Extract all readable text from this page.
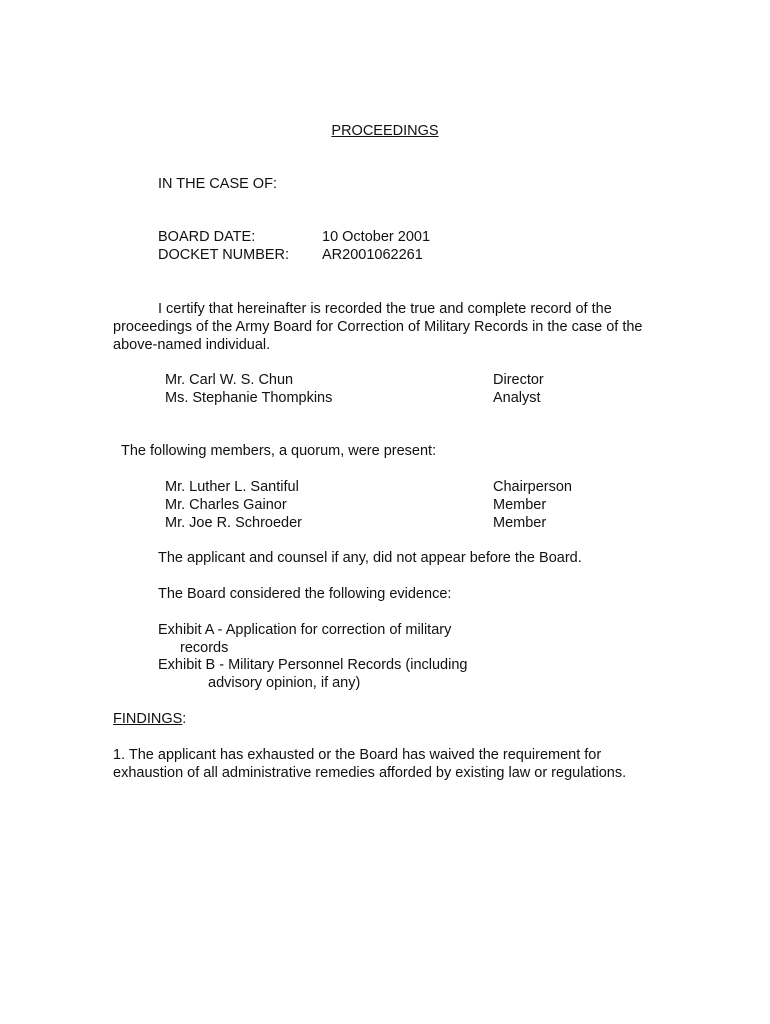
PROCEEDINGS
IN THE CASE OF:
BOARD DATE:	10 October 2001
DOCKET NUMBER: AR2001062261
I certify that hereinafter is recorded the true and complete record of the proceedings of the Army Board for Correction of Military Records in the case of the above-named individual.
Mr. Carl W. S. Chun	Director
Ms. Stephanie Thompkins	Analyst
The following members, a quorum, were present:
Mr. Luther L. Santiful	Chairperson
Mr. Charles Gainor	Member
Mr. Joe R. Schroeder	Member
The applicant and counsel if any, did not appear before the Board.
The Board considered the following evidence:
Exhibit A - Application for correction of military
records
Exhibit B - Military Personnel Records (including
advisory opinion, if any)
FINDINGS:
1. The applicant has exhausted or the Board has waived the requirement for exhaustion of all administrative remedies afforded by existing law or regulations.
